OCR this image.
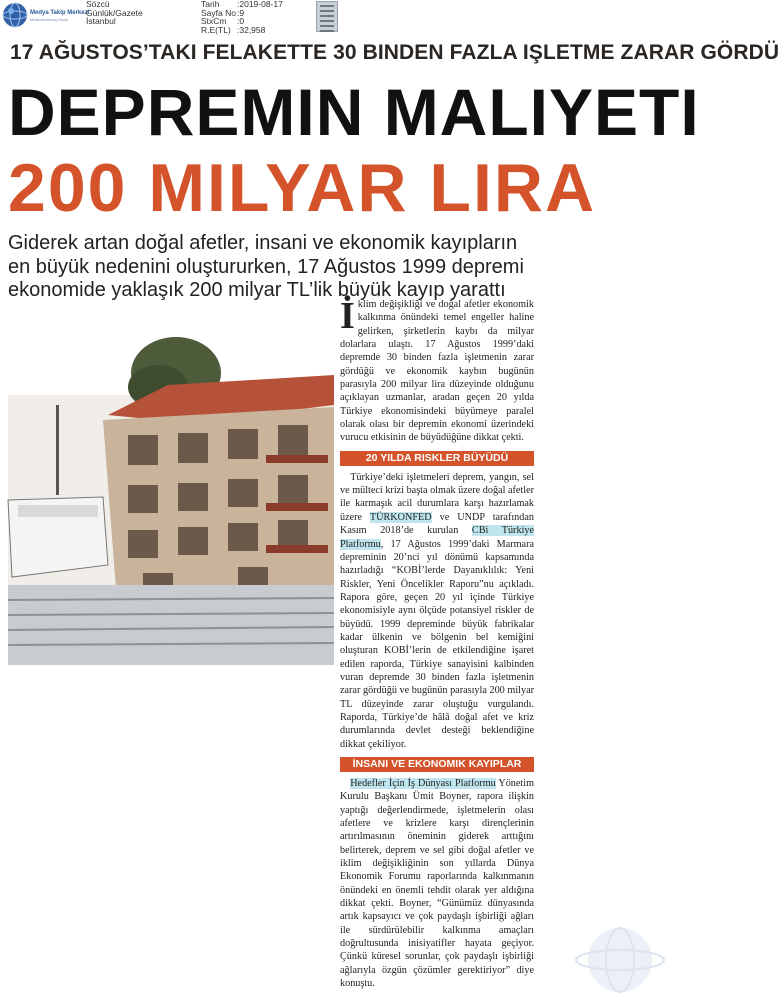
Medya Takip Merkezi
Media Monitoring Center
Sözcü
Günlük/Gazete
İstanbul
Tarih :2019-08-17
Sayfa No:9
StxCm :0
R.E(TL) :32,958
17 AĞUSTOS’TAKI FELAKETTE 30 BINDEN FAZLA IŞLETME ZARAR GÖRDÜ
DEPREMIN MALIYETI
200 MILYAR LIRA
Giderek artan doğal afetler, insani ve ekonomik kayıpların en büyük nedenini oluştururken, 17 Ağustos 1999 depremi ekonomide yaklaşık 200 milyar TL’lik büyük kayıp yarattı

İklim değişikliği ve doğal afetler ekonomik kalkınma önündeki temel engeller haline gelirken, şirketlerin kaybı da milyar dolarlara ulaştı. 17 Ağustos 1999’daki depremde 30 binden fazla işletmenin zarar gördüğü ve ekonomik kaybın bugünün parasıyla 200 milyar lira düzeyinde olduğunu açıklayan uzmanlar, aradan geçen 20 yılda Türkiye ekonomisindeki büyümeye paralel olarak olası bir depremin ekonomi üzerindeki vurucu etkisinin de büyüdüğüne dikkat çekti.

20 YILDA RISKLER BÜYÜDÜ

 Türkiye’deki işletmeleri deprem, yangın, sel ve mülteci krizi başta olmak üzere doğal afetler ile karmaşık acil durumlara karşı hazırlamak üzere TÜRKONFED ve UNDP tarafından Kasım 2018’de kurulan CBi Türkiye Platformu, 17 Ağustos 1999’daki Marmara depreminin 20’nci yıl dönümü kapsamında hazırladığı “KOBİ’lerde Dayanıklılık: Yeni Riskler, Yeni Öncelikler Raporu”nu açıkladı. Rapora göre, geçen 20 yıl içinde Türkiye ekonomisiyle aynı ölçüde potansiyel riskler de büyüdü. 1999 depreminde büyük fabrikalar kadar ülkenin ve bölgenin bel kemiğini oluşturan KOBİ’lerin de etkilendiğine işaret edilen raporda, Türkiye sanayisini kalbinden vuran depremde 30 binden fazla işletmenin zarar gördüğü ve bugünün parasıyla 200 milyar TL düzeyinde zarar oluştuğu vurgulandı. Raporda, Türkiye’de hâlâ doğal afet ve kriz durumlarında devlet desteği beklendiğine dikkat çekiliyor.

İNSANI VE EKONOMIK KAYIPLAR

 Hedefler İçin İş Dünyası Platformu Yönetim Kurulu Başkanı Ümit Boyner, rapora ilişkin yaptığı değerlendirmede, işletmelerin olası afetlere ve krizlere karşı dirençlerinin artırılmasının öneminin giderek arttığını belirterek, deprem ve sel gibi doğal afetler ve iklim değişikliğinin son yıllarda Dünya Ekonomik Forumu raporlarında kalkınmanın önündeki en önemli tehdit olarak yer aldığına dikkat çekti. Boyner, “Günümüz dünyasında artık kapsayıcı ve çok paydaşlı işbirliği ağları ile sürdürülebilir kalkınma amaçları doğrultusunda inisiyatifler hayata geçiyor. Çünkü küresel sorunlar, çok paydaşlı işbirliği ağlarıyla özgün çözümler gerektiriyor” diye konuştu.
